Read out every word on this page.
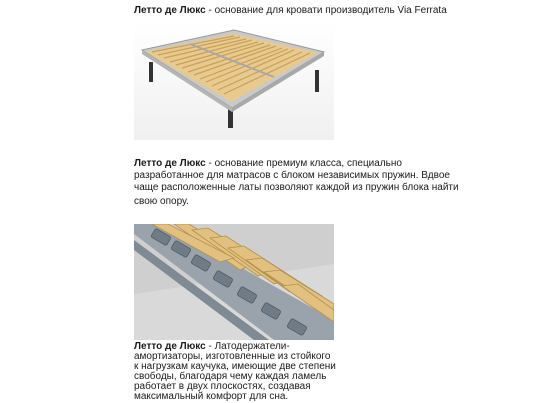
Летто де Люкс - основание для кровати производитель Via Ferrata
Летто де Люкс - основание премиум класса, специально
разработанное для матрасов с блоком независимых пружин. Вдвое
чаще расположенные латы позволяют каждой из пружин блока найти
свою опору.
Летто де Люкс - Латодержатели-
амортизаторы, изготовленные из стойкого
к нагрузкам каучука, имеющие две степени
свободы, благодаря чему каждая ламель
работает в двух плоскостях, создавая
максимальный комфорт для сна.
